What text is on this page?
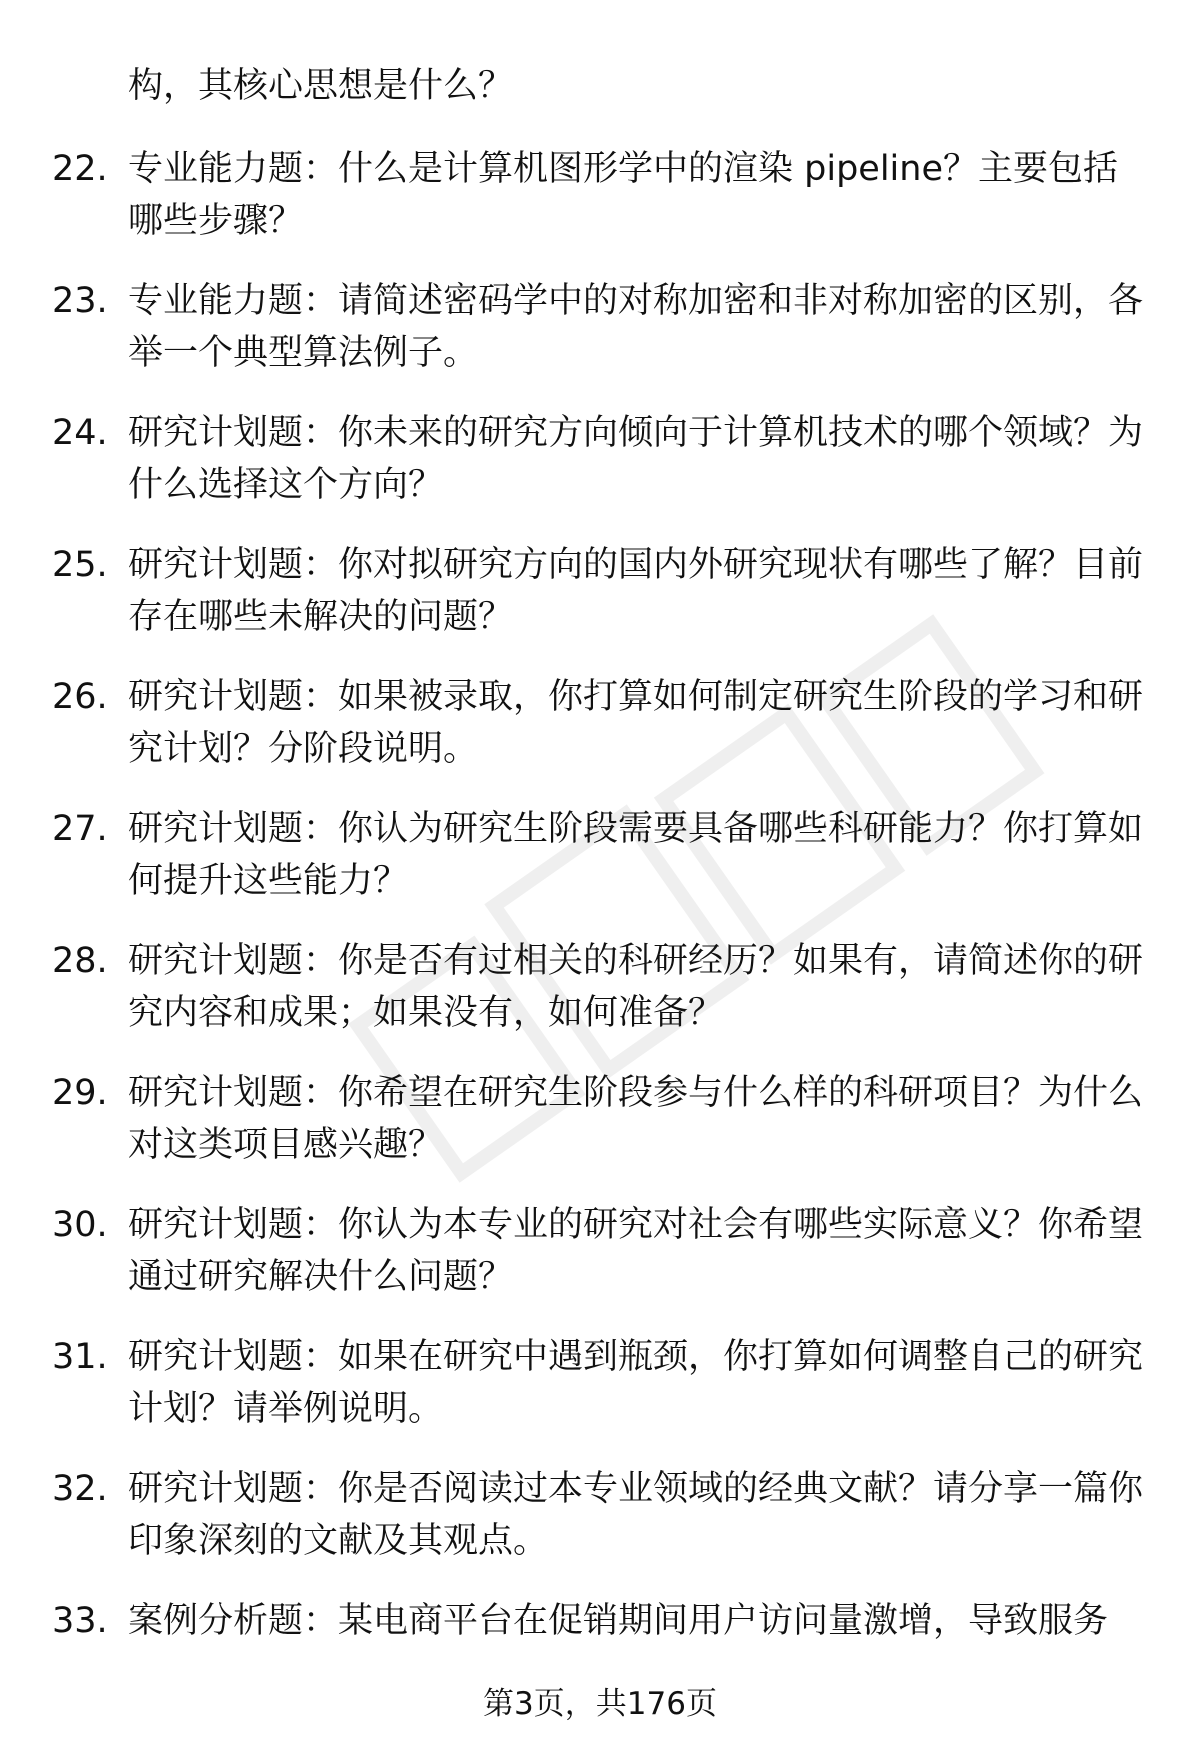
构，其核心思想是什么？

22. 专业能力题：什么是计算机图形学中的渲染 pipeline？主要包括哪些步骤？

23. 专业能力题：请简述密码学中的对称加密和非对称加密的区别，各举一个典型算法例子。

24. 研究计划题：你未来的研究方向倾向于计算机技术的哪个领域？为什么选择这个方向？

25. 研究计划题：你对拟研究方向的国内外研究现状有哪些了解？目前存在哪些未解决的问题？

26. 研究计划题：如果被录取，你打算如何制定研究生阶段的学习和研究计划？分阶段说明。

27. 研究计划题：你认为研究生阶段需要具备哪些科研能力？你打算如何提升这些能力？

28. 研究计划题：你是否有过相关的科研经历？如果有，请简述你的研究内容和成果；如果没有，如何准备？

29. 研究计划题：你希望在研究生阶段参与什么样的科研项目？为什么对这类项目感兴趣？

30. 研究计划题：你认为本专业的研究对社会有哪些实际意义？你希望通过研究解决什么问题？

31. 研究计划题：如果在研究中遇到瓶颈，你打算如何调整自己的研究计划？请举例说明。

32. 研究计划题：你是否阅读过本专业领域的经典文献？请分享一篇你印象深刻的文献及其观点。

33. 案例分析题：某电商平台在促销期间用户访问量激增，导致服务

第3页，共176页
